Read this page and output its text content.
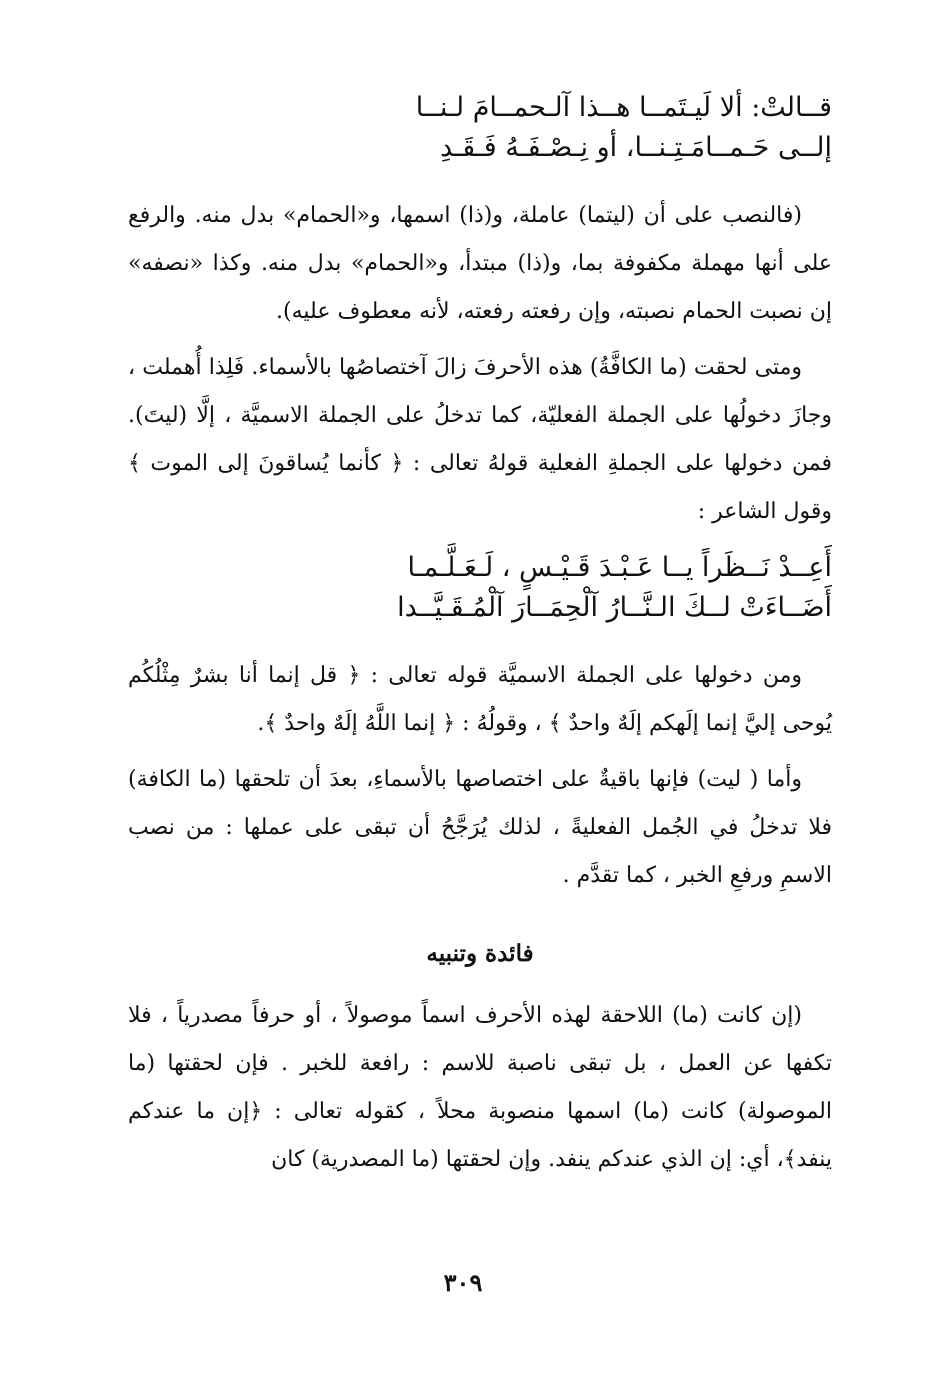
قــالتْ: ألا لَيـتَمــا هــذا آلـحمــامَ لـنــا
إلــى حَـمــامَـتِـنــا، أو نِـصْـفَـهُ فَـقَـدِ

(فالنصب على أن (ليتما) عاملة، و(ذا) اسمها، و«الحمام» بدل منه. والرفع على أنها مهملة مكفوفة بما، و(ذا) مبتدأ، و«الحمام» بدل منه. وكذا «نصفه» إن نصبت الحمام نصبته، وإن رفعته رفعته، لأنه معطوف عليه).

ومتى لحقت (ما الكافَّةُ) هذه الأحرفَ زالَ آختصاصُها بالأسماء. فَلِذا أُهملت ، وجازَ دخولُها على الجملة الفعليّة، كما تدخلُ على الجملة الاسميَّة ، إلَّا (ليتَ). فمن دخولها على الجملةِ الفعلية قولهُ تعالى : ﴿ كأنما يُساقونَ إلى الموت ﴾ وقول الشاعر :

أَعِــدْ نَــظَراً يــا عَـبْـدَ قَـيْـسٍ ، لَـعَـلَّـمـا
أَضَــاءَتْ لــكَ الـنَّــارُ آلْحِمَــارَ آلْمُـقَـيَّــدا

ومن دخولها على الجملة الاسميَّة قوله تعالى : ﴿ قل إنما أنا بشرٌ مِثْلُكُم يُوحى إليَّ إنما إلَهكم إلَهٌ واحدٌ ﴾ ، وقولُهُ : ﴿ إنما اللَّهُ إلَهٌ واحدٌ ﴾.

وأما ( ليت) فإنها باقيةٌ على اختصاصها بالأسماءِ، بعدَ أن تلحقها (ما الكافة) فلا تدخلُ في الجُمل الفعليةً ، لذلك يُرَجَّحُ أن تبقى على عملها : من نصب الاسمِ ورفعِ الخبر ، كما تقدَّم .

فائدة وتنبيه

(إن كانت (ما) اللاحقة لهذه الأحرف اسماً موصولاً ، أو حرفاً مصدرياً ، فلا تكفها عن العمل ، بل تبقى ناصبة للاسم : رافعة للخبر . فإن لحقتها (ما الموصولة) كانت (ما) اسمها منصوبة محلاً ، كقوله تعالى : ﴿إن ما عندكم ينفد﴾، أي: إن الذي عندكم ينفد. وإن لحقتها (ما المصدرية) كان

٣٠٩
